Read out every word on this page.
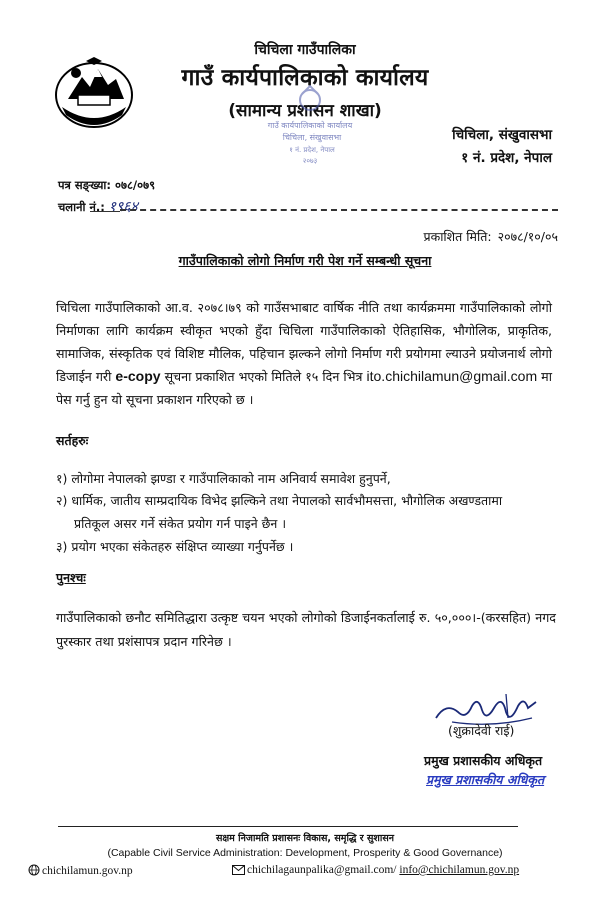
चिचिला गाउँपालिका
गाउँ कार्यपालिकाको कार्यालय
(सामान्य प्रशासन शाखा)
गाउँ कार्यपालिकाको कार्यालय
चिचिला, संखुवासभा
१ नं. प्रदेश, नेपाल
२०७३
चिचिला, संखुवासभा
१ नं. प्रदेश, नेपाल
पत्र सङ्ख्या: ०७८/०७९
चलानी नं.: १९६४
प्रकाशित मिति: २०७८/१०/०५
गाउँपालिकाको लोगो निर्माण गरी पेश गर्ने सम्बन्धी सूचना
चिचिला गाउँपालिकाको आ.व. २०७८।७९ को गाउँसभाबाट वार्षिक नीति तथा कार्यक्रममा गाउँपालिकाको लोगो निर्माणका लागि कार्यक्रम स्वीकृत भएको हुँदा चिचिला गाउँपालिकाको ऐतिहासिक, भौगोलिक, प्राकृतिक, सामाजिक, संस्कृतिक एवं विशिष्ट मौलिक, पहिचान झल्कने लोगो निर्माण गरी प्रयोगमा ल्याउने प्रयोजनार्थ लोगो डिजाईन गरी e-copy सूचना प्रकाशित भएको मितिले १५ दिन भित्र ito.chichilamun@gmail.com मा पेस गर्नु हुन यो सूचना प्रकाशन गरिएको छ ।
सर्तहरुः
१) लोगोमा नेपालको झण्डा र गाउँपालिकाको नाम अनिवार्य समावेश हुनुपर्ने,
२) धार्मिक, जातीय साम्प्रदायिक विभेद झल्किने तथा नेपालको सार्वभौमसत्ता, भौगोलिक अखण्डतामा
प्रतिकूल असर गर्ने संकेत प्रयोग गर्न पाइने छैन ।
३) प्रयोग भएका संकेतहरु संक्षिप्त व्याख्या गर्नुपर्नेछ ।
पुनश्चः
गाउँपालिकाको छनौट समितिद्धारा उत्कृष्ट चयन भएको लोगोको डिजाईनकर्तालाई रु. ५०,०००।-(करसहित) नगद पुरस्कार तथा प्रशंसापत्र प्रदान गरिनेछ ।
(शुक्रादेवी राई)
प्रमुख प्रशासकीय अधिकृत
प्रमुख प्रशासकीय अधिकृत
सक्षम निजामति प्रशासनः विकास, समृद्धि र सुशासन
(Capable Civil Service Administration: Development, Prosperity & Good Governance)
chichilamun.gov.np	chichilagaunpalika@gmail.com/ info@chichilamun.gov.np
